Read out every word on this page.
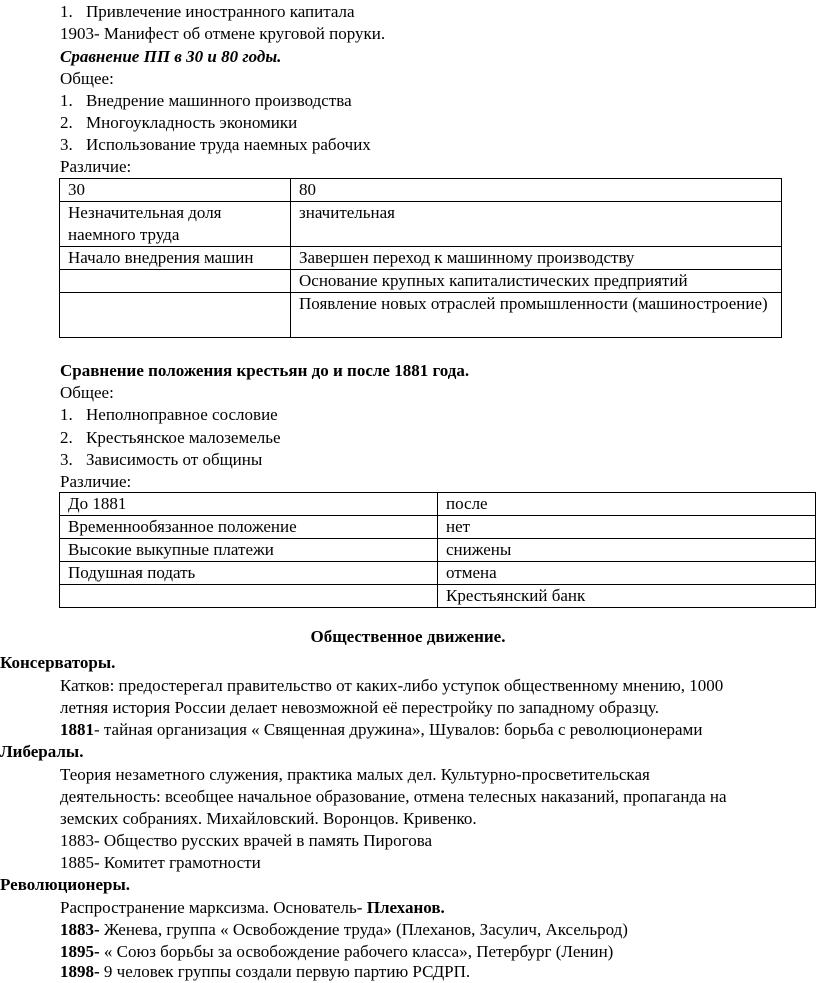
1. Привлечение иностранного капитала
1903- Манифест об отмене круговой поруки.
Сравнение ПП в 30 и 80 годы.
Общее:
1. Внедрение машинного производства
2. Многоукладность экономики
3. Использование труда наемных рабочих
Различие:
30	80
Незначительная доля наемного труда	значительная
Начало внедрения машин	Завершен переход к машинному производству
	Основание крупных капиталистических предприятий
	Появление новых отраслей промышленности (машиностроение)
Сравнение положения крестьян до и после 1881 года.
Общее:
1. Неполноправное сословие
2. Крестьянское малоземелье
3. Зависимость от общины
Различие:
До 1881	после
Временнообязанное положение	нет
Высокие выкупные платежи	снижены
Подушная подать	отмена
	Крестьянский банк
Общественное движение.
Консерваторы.
Катков: предостерегал правительство от каких-либо уступок общественному мнению, 1000
летняя история России делает невозможной её перестройку по западному образцу.
1881- тайная организация « Священная дружина», Шувалов: борьба с революционерами
Либералы.
Теория незаметного служения, практика малых дел. Культурно-просветительская
деятельность: всеобщее начальное образование, отмена телесных наказаний, пропаганда на
земских собраниях. Михайловский. Воронцов. Кривенко.
1883- Общество русских врачей в память Пирогова
1885- Комитет грамотности
Революционеры.
Распространение марксизма. Основатель- Плеханов.
1883- Женева, группа « Освобождение труда» (Плеханов, Засулич, Аксельрод)
1895- « Союз борьбы за освобождение рабочего класса», Петербург (Ленин)
1898- 9 человек группы создали первую партию РСДРП.
